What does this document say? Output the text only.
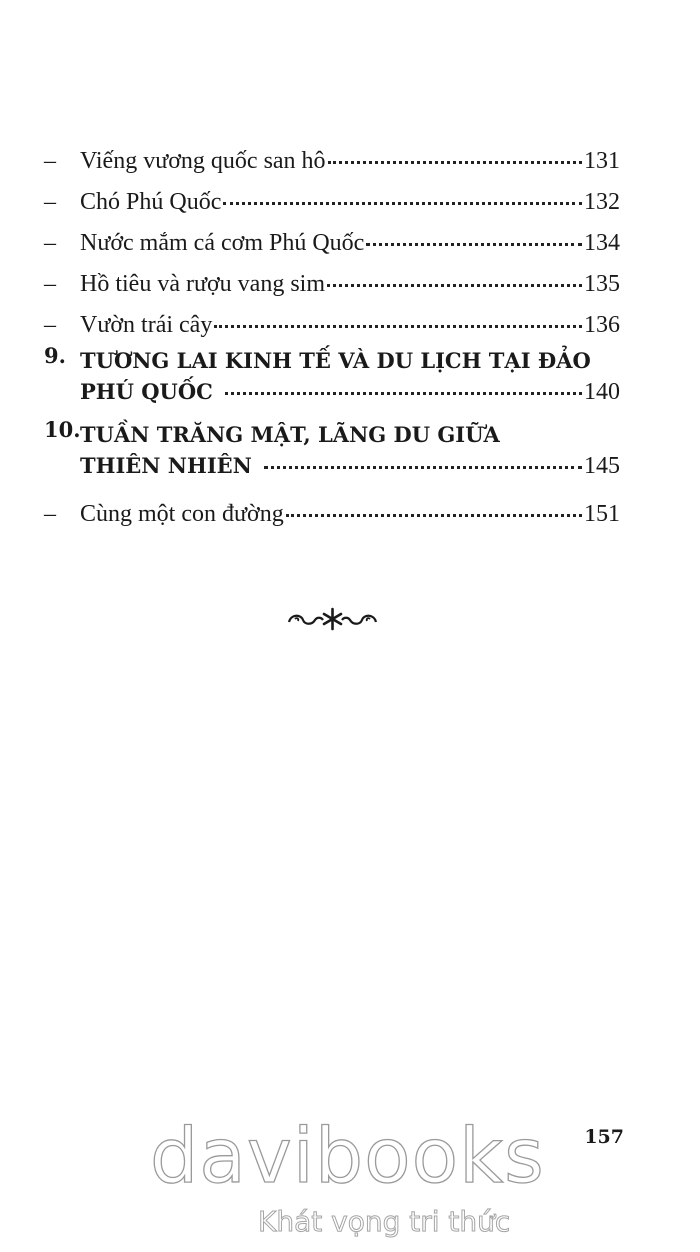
– Viếng vương quốc san hô	131
– Chó Phú Quốc	132
– Nước mắm cá cơm Phú Quốc	134
– Hồ tiêu và rượu vang sim	135
– Vườn trái cây	136
9. TƯƠNG LAI KINH TẾ VÀ DU LỊCH TẠI ĐẢO
PHÚ QUỐC	140
10. TUẦN TRĂNG MẬT, LÃNG DU GIỮA
THIÊN NHIÊN	145
– Cùng một con đường	151
157
davibooks
Khát vọng tri thức
